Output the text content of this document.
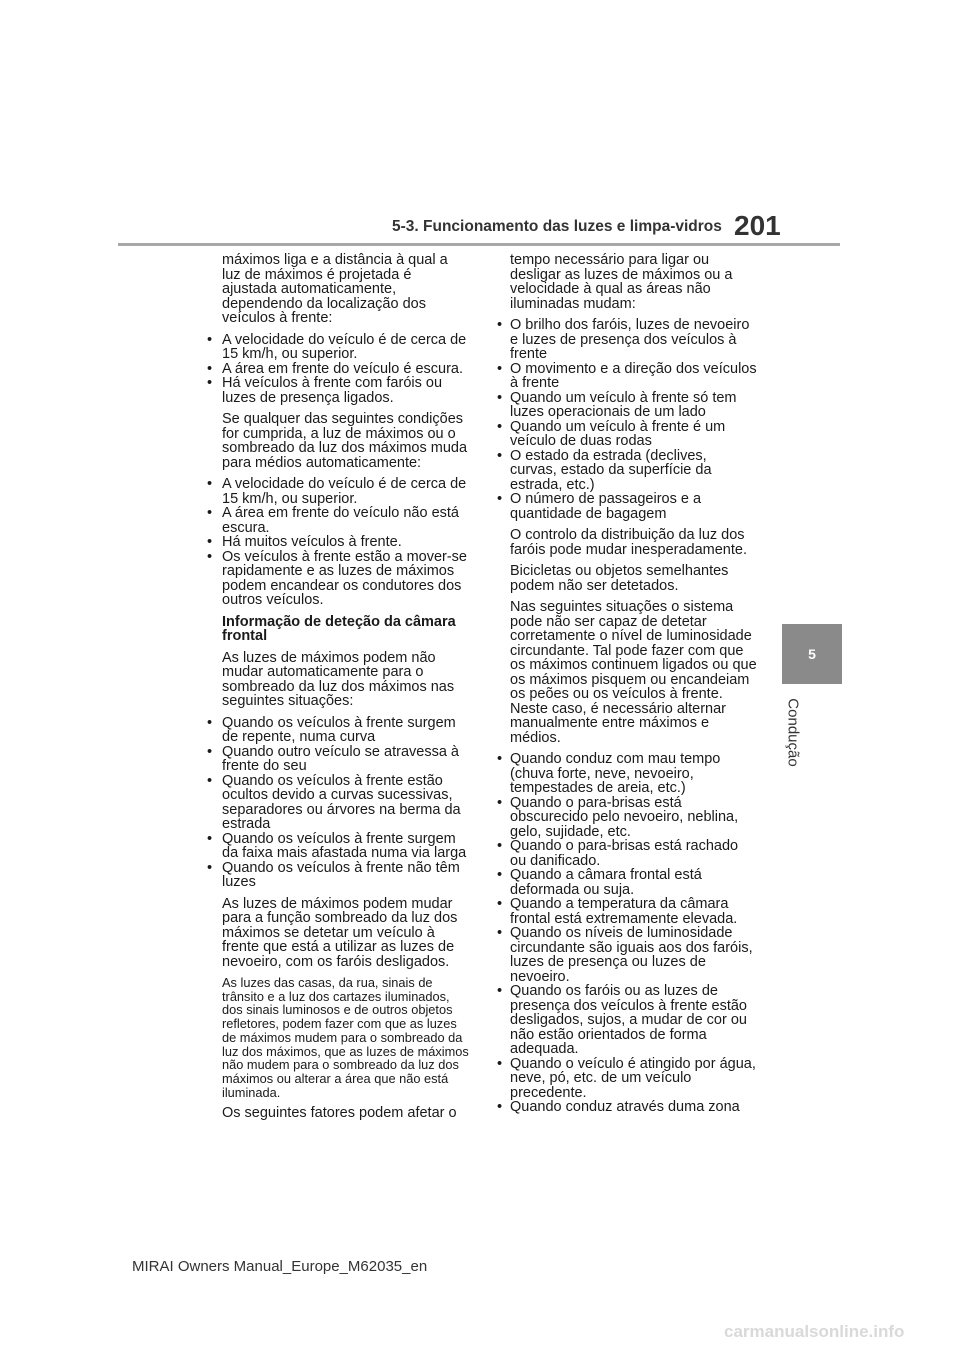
5-3. Funcionamento das luzes e limpa-vidros 201
5
Condução

máximos liga e a distância à qual a luz de máximos é projetada é ajustada automaticamente, dependendo da localização dos veículos à frente:

• A velocidade do veículo é de cerca de 15 km/h, ou superior.
• A área em frente do veículo é escura.
• Há veículos à frente com faróis ou luzes de presença ligados.

Se qualquer das seguintes condições for cumprida, a luz de máximos ou o sombreado da luz dos máximos muda para médios automaticamente:

• A velocidade do veículo é de cerca de 15 km/h, ou superior.
• A área em frente do veículo não está escura.
• Há muitos veículos à frente.
• Os veículos à frente estão a mover-se rapidamente e as luzes de máximos podem encandear os condutores dos outros veículos.

Informação de deteção da câmara frontal

As luzes de máximos podem não mudar automaticamente para o sombreado da luz dos máximos nas seguintes situações:

• Quando os veículos à frente surgem de repente, numa curva
• Quando outro veículo se atravessa à frente do seu
• Quando os veículos à frente estão ocultos devido a curvas sucessivas, separadores ou árvores na berma da estrada
• Quando os veículos à frente surgem da faixa mais afastada numa via larga
• Quando os veículos à frente não têm luzes

As luzes de máximos podem mudar para a função sombreado da luz dos máximos se detetar um veículo à frente que está a utilizar as luzes de nevoeiro, com os faróis desligados.

As luzes das casas, da rua, sinais de trânsito e a luz dos cartazes iluminados, dos sinais luminosos e de outros objetos refletores, podem fazer com que as luzes de máximos mudem para o sombreado da luz dos máximos, que as luzes de máximos não mudem para o sombreado da luz dos máximos ou alterar a área que não está iluminada.

Os seguintes fatores podem afetar o

tempo necessário para ligar ou desligar as luzes de máximos ou a velocidade à qual as áreas não iluminadas mudam:

• O brilho dos faróis, luzes de nevoeiro e luzes de presença dos veículos à frente
• O movimento e a direção dos veículos à frente
• Quando um veículo à frente só tem luzes operacionais de um lado
• Quando um veículo à frente é um veículo de duas rodas
• O estado da estrada (declives, curvas, estado da superfície da estrada, etc.)
• O número de passageiros e a quantidade de bagagem

O controlo da distribuição da luz dos faróis pode mudar inesperadamente.

Bicicletas ou objetos semelhantes podem não ser detetados.

Nas seguintes situações o sistema pode não ser capaz de detetar corretamente o nível de luminosidade circundante. Tal pode fazer com que os máximos continuem ligados ou que os máximos pisquem ou encandeiam os peões ou os veículos à frente. Neste caso, é necessário alternar manualmente entre máximos e médios.

• Quando conduz com mau tempo (chuva forte, neve, nevoeiro, tempestades de areia, etc.)
• Quando o para-brisas está obscurecido pelo nevoeiro, neblina, gelo, sujidade, etc.
• Quando o para-brisas está rachado ou danificado.
• Quando a câmara frontal está deformada ou suja.
• Quando a temperatura da câmara frontal está extremamente elevada.
• Quando os níveis de luminosidade circundante são iguais aos dos faróis, luzes de presença ou luzes de nevoeiro.
• Quando os faróis ou as luzes de presença dos veículos à frente estão desligados, sujos, a mudar de cor ou não estão orientados de forma adequada.
• Quando o veículo é atingido por água, neve, pó, etc. de um veículo precedente.
• Quando conduz através duma zona
MIRAI Owners Manual_Europe_M62035_en
carmanualsonline.info
